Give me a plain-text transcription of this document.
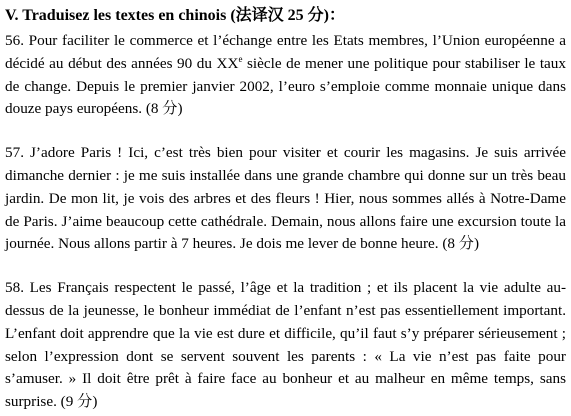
V. Traduisez les textes en chinois (法译汉 25 分)：

56. Pour faciliter le commerce et l’échange entre les Etats membres, l’Union européenne a décidé au début des années 90 du XXe siècle de mener une politique pour stabiliser le taux de change. Depuis le premier janvier 2002, l’euro s’emploie comme monnaie unique dans douze pays européens. (8 分)

57. J’adore Paris ! Ici, c’est très bien pour visiter et courir les magasins. Je suis arrivée dimanche dernier : je me suis installée dans une grande chambre qui donne sur un très beau jardin. De mon lit, je vois des arbres et des fleurs ! Hier, nous sommes allés à Notre-Dame de Paris. J’aime beaucoup cette cathédrale. Demain, nous allons faire une excursion toute la journée. Nous allons partir à 7 heures. Je dois me lever de bonne heure. (8 分)

58. Les Français respectent le passé, l’âge et la tradition ; et ils placent la vie adulte au-dessus de la jeunesse, le bonheur immédiat de l’enfant n’est pas essentiellement important. L’enfant doit apprendre que la vie est dure et difficile, qu’il faut s’y préparer sérieusement ; selon l’expression dont se servent souvent les parents : « La vie n’est pas faite pour s’amuser. » Il doit être prêt à faire face au bonheur et au malheur en même temps, sans surprise. (9 分)
